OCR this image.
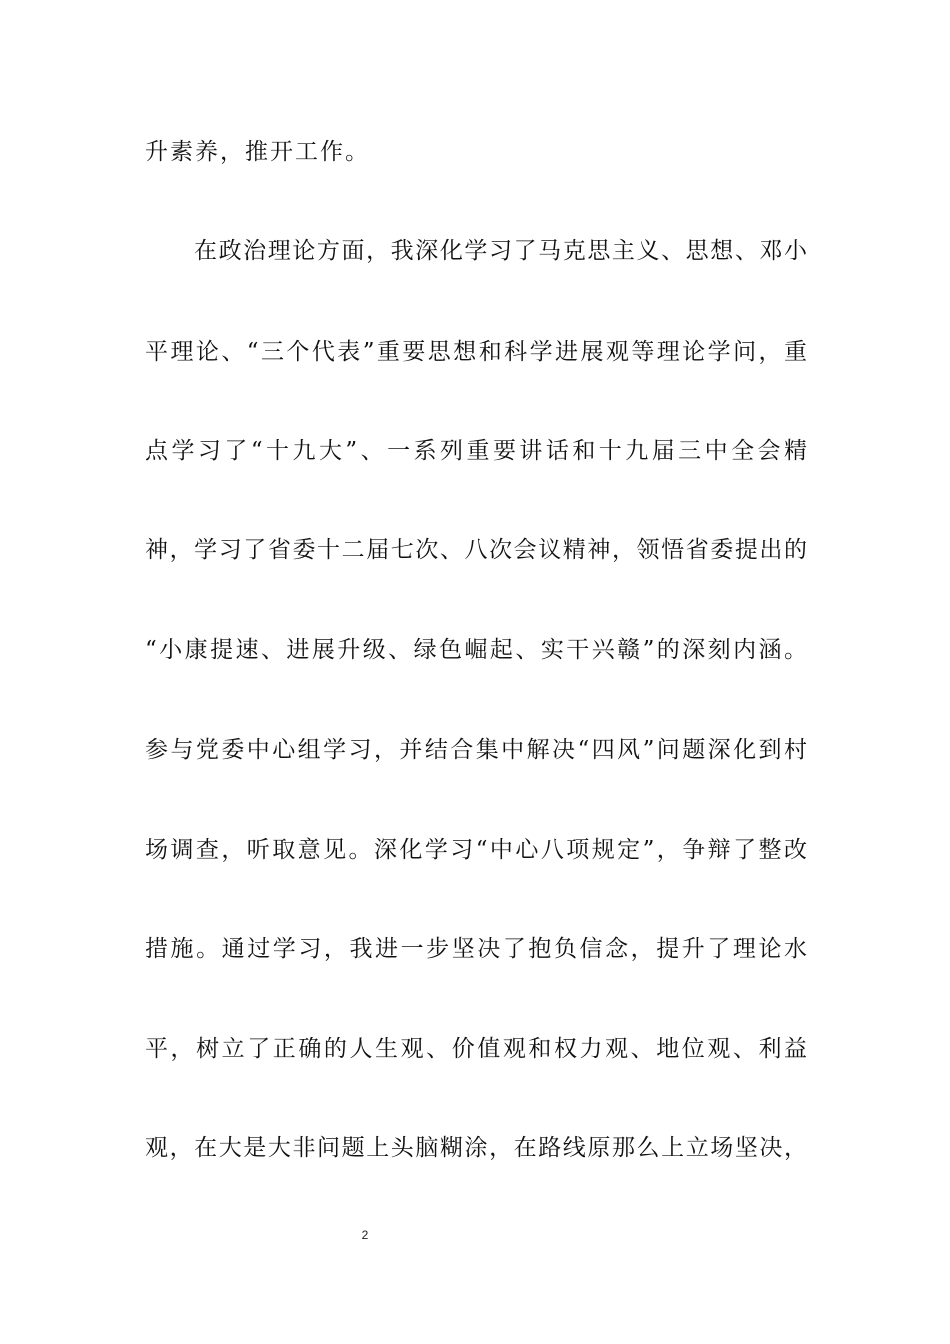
升素养，推开工作。
在政治理论方面，我深化学习了马克思主义、思想、邓小
平理论、“三个代表”重要思想和科学进展观等理论学问，重
点学习了“十九大”、一系列重要讲话和十九届三中全会精
神，学习了省委十二届七次、八次会议精神，领悟省委提出的
“小康提速、进展升级、绿色崛起、实干兴赣”的深刻内涵。
参与党委中心组学习，并结合集中解决“四风”问题深化到村
场调查，听取意见。深化学习“中心八项规定”，争辩了整改
措施。通过学习，我进一步坚决了抱负信念，提升了理论水
平，树立了正确的人生观、价值观和权力观、地位观、利益
观，在大是大非问题上头脑糊涂，在路线原那么上立场坚决，
2
